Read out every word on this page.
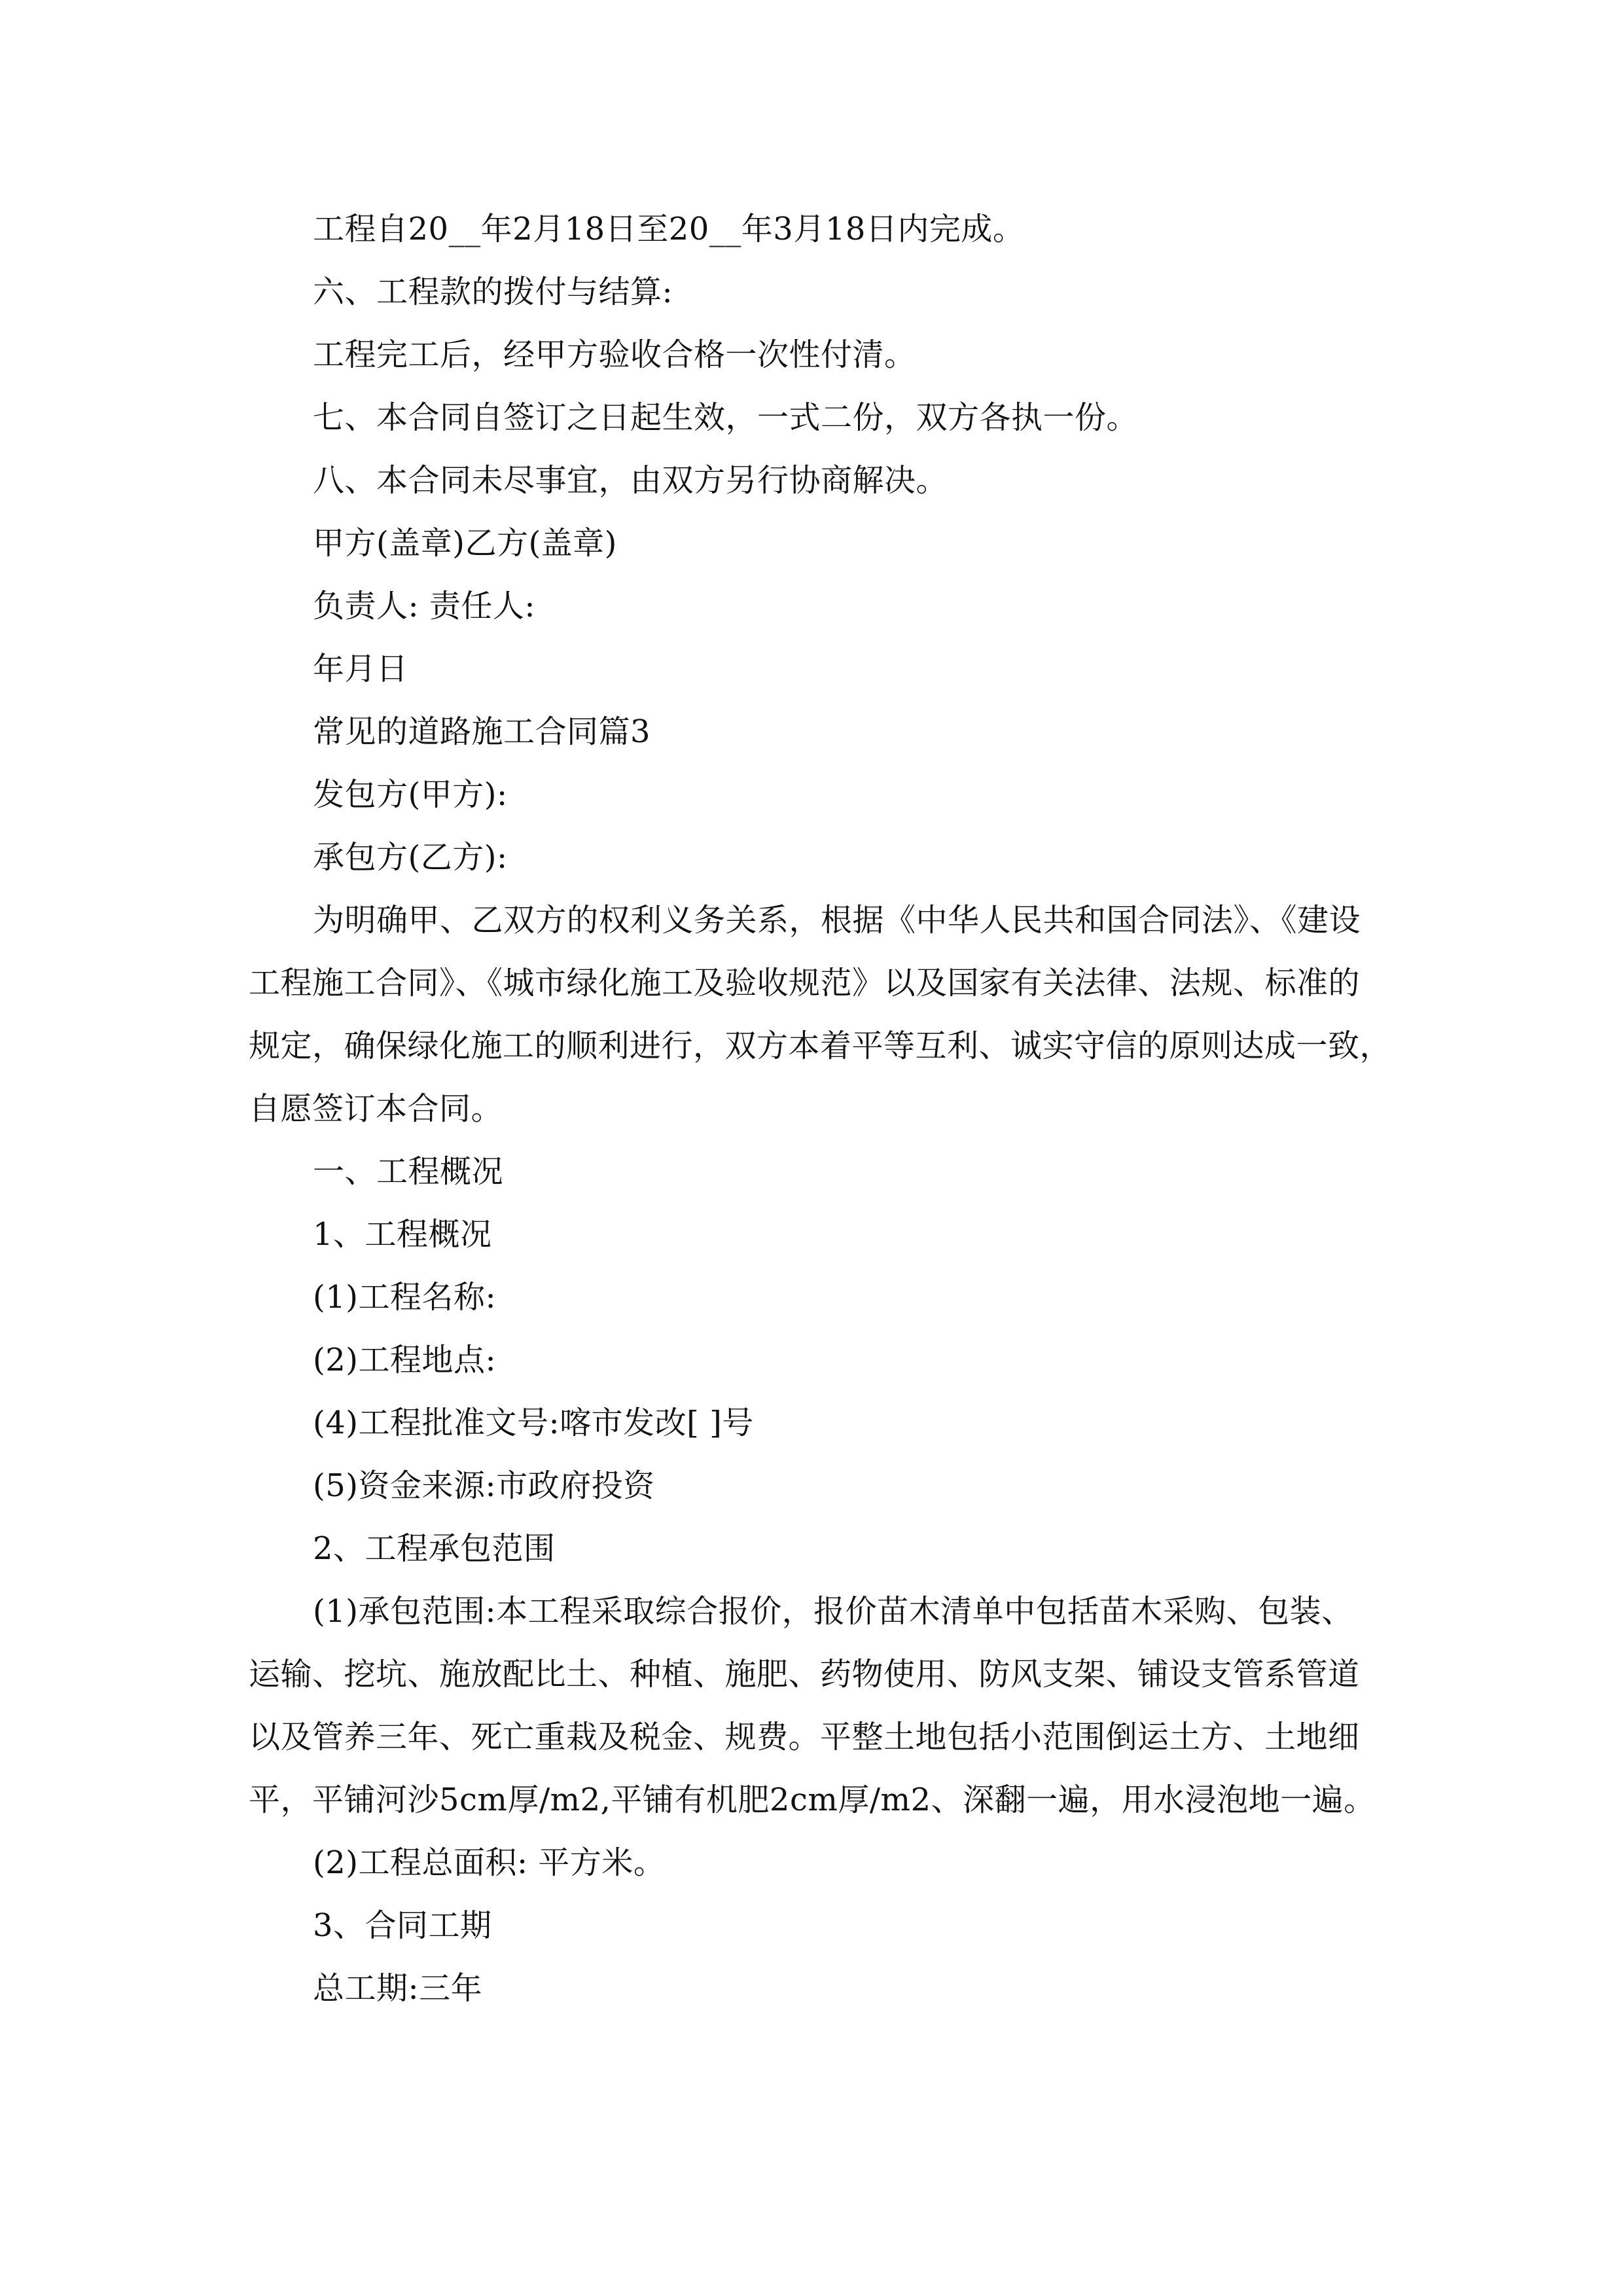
工程自20__年2月18日至20__年3月18日内完成。

六、工程款的拨付与结算:

工程完工后，经甲方验收合格一次性付清。

七、本合同自签订之日起生效，一式二份，双方各执一份。

八、本合同未尽事宜，由双方另行协商解决。

甲方(盖章)乙方(盖章)

负责人: 责任人:

年月日

常见的道路施工合同篇3

发包方(甲方):

承包方(乙方):

为明确甲、乙双方的权利义务关系，根据《中华人民共和国合同法》、《建设

工程施工合同》、《城市绿化施工及验收规范》以及国家有关法律、法规、标准的

规定，确保绿化施工的顺利进行，双方本着平等互利、诚实守信的原则达成一致，

自愿签订本合同。

一、工程概况

1、工程概况

(1)工程名称:

(2)工程地点:

(4)工程批准文号:喀市发改[ ]号

(5)资金来源:市政府投资

2、工程承包范围

(1)承包范围:本工程采取综合报价，报价苗木清单中包括苗木采购、包装、

运输、挖坑、施放配比土、种植、施肥、药物使用、防风支架、铺设支管系管道

以及管养三年、死亡重栽及税金、规费。平整土地包括小范围倒运土方、土地细

平，平铺河沙5cm厚/m2,平铺有机肥2cm厚/m2、深翻一遍，用水浸泡地一遍。

(2)工程总面积: 平方米。

3、合同工期

总工期:三年
